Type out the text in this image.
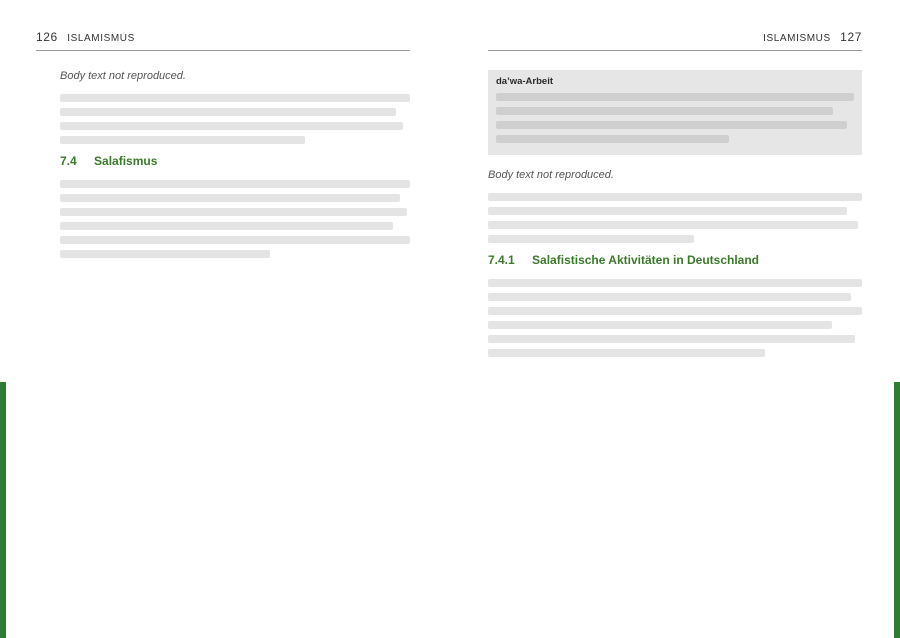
126 ISLAMISMUS

Body text not reproduced.

7.4 Salafismus
ISLAMISMUS 127
da’wa-Arbeit

Body text not reproduced.

7.4.1 Salafistische Aktivitäten in Deutschland
